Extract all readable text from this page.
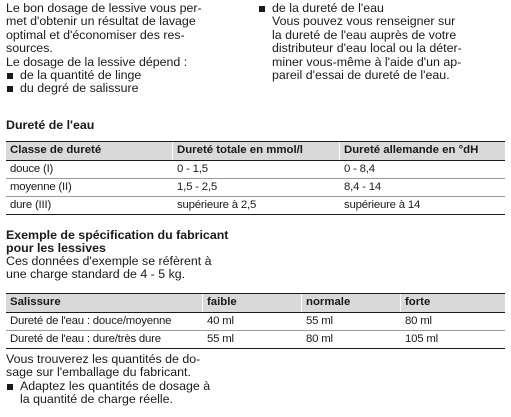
Le bon dosage de lessive vous per-
met d'obtenir un résultat de lavage
optimal et d'économiser des res-
sources.

Le dosage de la lessive dépend :

de la quantité de linge
du degré de salissure
de la dureté de l'eau
Vous pouvez vous renseigner sur
la dureté de l'eau auprès de votre
distributeur d'eau local ou la déter-
miner vous-même à l'aide d'un ap-
pareil d'essai de dureté de l'eau.

Dureté de l'eau

Classe de dureté	Dureté totale en mmol/l	Dureté allemande en °dH
douce (I)	0 - 1,5	0 - 8,4
moyenne (II)	1,5 - 2,5	8,4 - 14
dure (III)	supérieure à 2,5	supérieure à 14

Exemple de spécification du fabricant
pour les lessives

Ces données d'exemple se réfèrent à
une charge standard de 4 - 5 kg.

Salissure	faible	normale	forte
Dureté de l'eau : douce/moyenne	40 ml	55 ml	80 ml
Dureté de l'eau : dure/très dure	55 ml	80 ml	105 ml

Vous trouverez les quantités de do-
sage sur l'emballage du fabricant.

Adaptez les quantités de dosage à
la quantité de charge réelle.
